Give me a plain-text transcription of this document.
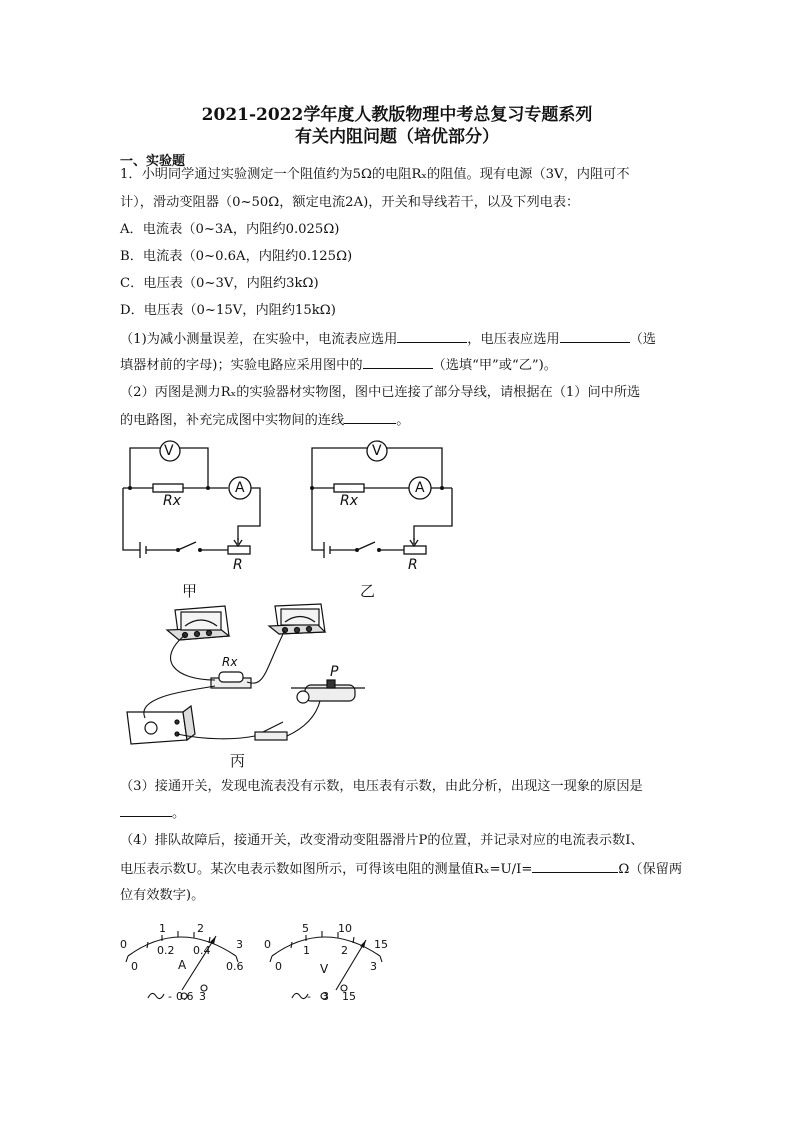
2021-2022学年度人教版物理中考总复习专题系列
有关内阻问题（培优部分）
一、实验题
1．小明同学通过实验测定一个阻值约为5Ω的电阻Rₓ的阻值。现有电源（3V，内阻可不
计），滑动变阻器（0~50Ω，额定电流2A)，开关和导线若干，以及下列电表：
A．电流表（0~3A，内阻约0.025Ω)
B．电流表（0~0.6A，内阻约0.125Ω)
C．电压表（0~3V，内阻约3kΩ)
D．电压表（0~15V，内阻约15kΩ)
（1)为减小测量误差，在实验中，电流表应选用	，电压表应选用	（选
填器材前的字母)；实验电路应采用图中的	（选填“甲”或“乙”)。
（2）丙图是测力Rₓ的实验器材实物图，图中已连接了部分导线，请根据在（1）问中所选
的电路图，补充完成图中实物间的连线	。
V
A
Rx
R
甲
V
A
Rx
R
乙
Rx
P
丙
（3）接通开关，发现电流表没有示数，电压表有示数，由此分析，出现这一现象的原因是
。
（4）排队故障后，接通开关，改变滑动变阻器滑片P的位置，并记录对应的电流表示数I、
电压表示数U。某次电表示数如图所示，可得该电阻的测量值Rₓ=U/I=	Ω（保留两
位有效数字)。
0
1	2
3
0
0.2 0.4
0.6
A
- 0.6 3
0
5	10
15
0
1	2
3
V
- 3 15
